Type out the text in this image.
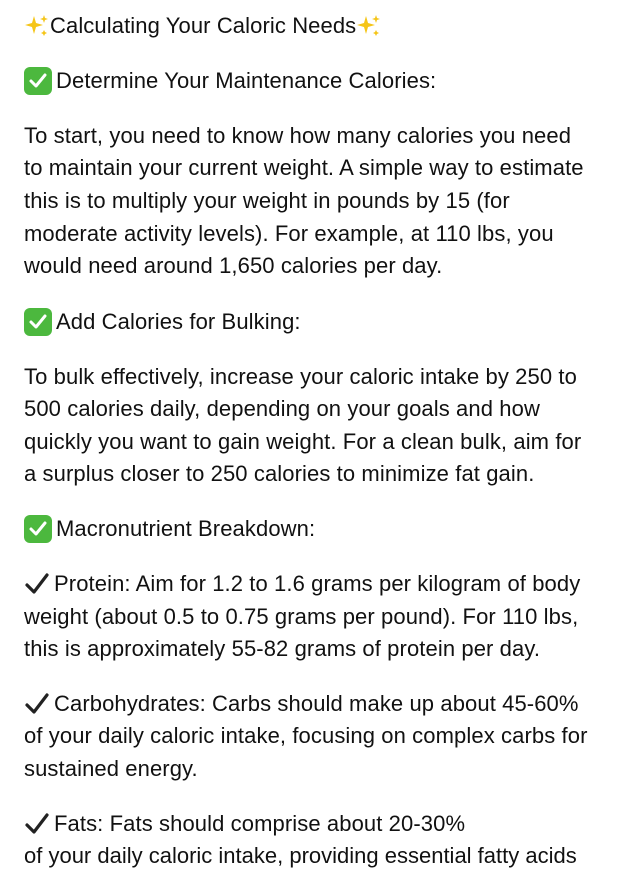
Calculating Your Caloric Needs
Determine Your Maintenance Calories:
To start, you need to know how many calories you need
to maintain your current weight. A simple way to estimate
this is to multiply your weight in pounds by 15 (for
moderate activity levels). For example, at 110 lbs, you
would need around 1,650 calories per day.
Add Calories for Bulking:
To bulk effectively, increase your caloric intake by 250 to
500 calories daily, depending on your goals and how
quickly you want to gain weight. For a clean bulk, aim for
a surplus closer to 250 calories to minimize fat gain.
Macronutrient Breakdown:
Protein: Aim for 1.2 to 1.6 grams per kilogram of body
weight (about 0.5 to 0.75 grams per pound). For 110 lbs,
this is approximately 55-82 grams of protein per day.
Carbohydrates: Carbs should make up about 45-60%
of your daily caloric intake, focusing on complex carbs for
sustained energy.
Fats: Fats should comprise about 20-30%
of your daily caloric intake, providing essential fatty acids
